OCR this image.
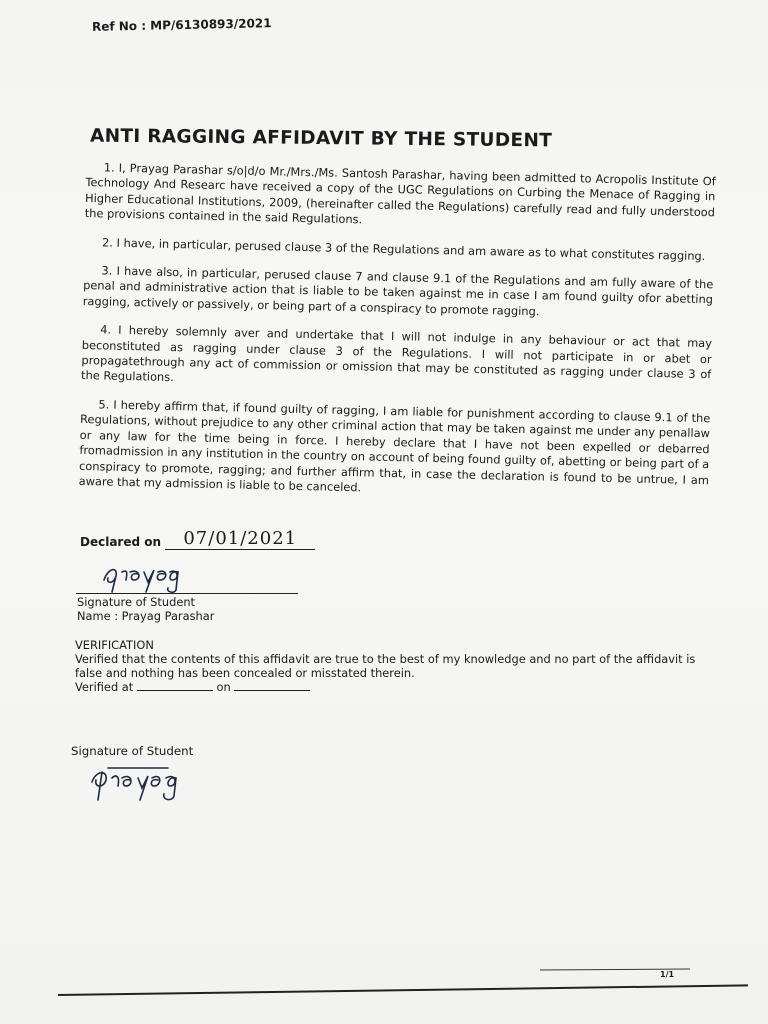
Ref No : MP/6130893/2021
ANTI RAGGING AFFIDAVIT BY THE STUDENT

1. I, Prayag Parashar s/o|d/o Mr./Mrs./Ms. Santosh Parashar, having been admitted to Acropolis Institute Of Technology And Researc have received a copy of the UGC Regulations on Curbing the Menace of Ragging in Higher Educational Institutions, 2009, (hereinafter called the Regulations) carefully read and fully understood the provisions contained in the said Regulations.

2. I have, in particular, perused clause 3 of the Regulations and am aware as to what constitutes ragging.

3. I have also, in particular, perused clause 7 and clause 9.1 of the Regulations and am fully aware of the penal and administrative action that is liable to be taken against me in case I am found guilty ofor abetting ragging, actively or passively, or being part of a conspiracy to promote ragging.

4. I hereby solemnly aver and undertake that I will not indulge in any behaviour or act that may beconstituted as ragging under clause 3 of the Regulations. I will not participate in or abet or propagatethrough any act of commission or omission that may be constituted as ragging under clause 3 of the Regulations.

5. I hereby affirm that, if found guilty of ragging, I am liable for punishment according to clause 9.1 of the Regulations, without prejudice to any other criminal action that may be taken against me under any penallaw or any law for the time being in force. I hereby declare that I have not been expelled or debarred fromadmission in any institution in the country on account of being found guilty of, abetting or being part of a conspiracy to promote, ragging; and further affirm that, in case the declaration is found to be untrue, I am aware that my admission is liable to be canceled.

Declared on 07/01/2021
Signature of Student
Name : Prayag Parashar
VERIFICATION
Verified that the contents of this affidavit are true to the best of my knowledge and no part of the affidavit is false and nothing has been concealed or misstated therein.
Verified at	on
Signature of Student
1/1
